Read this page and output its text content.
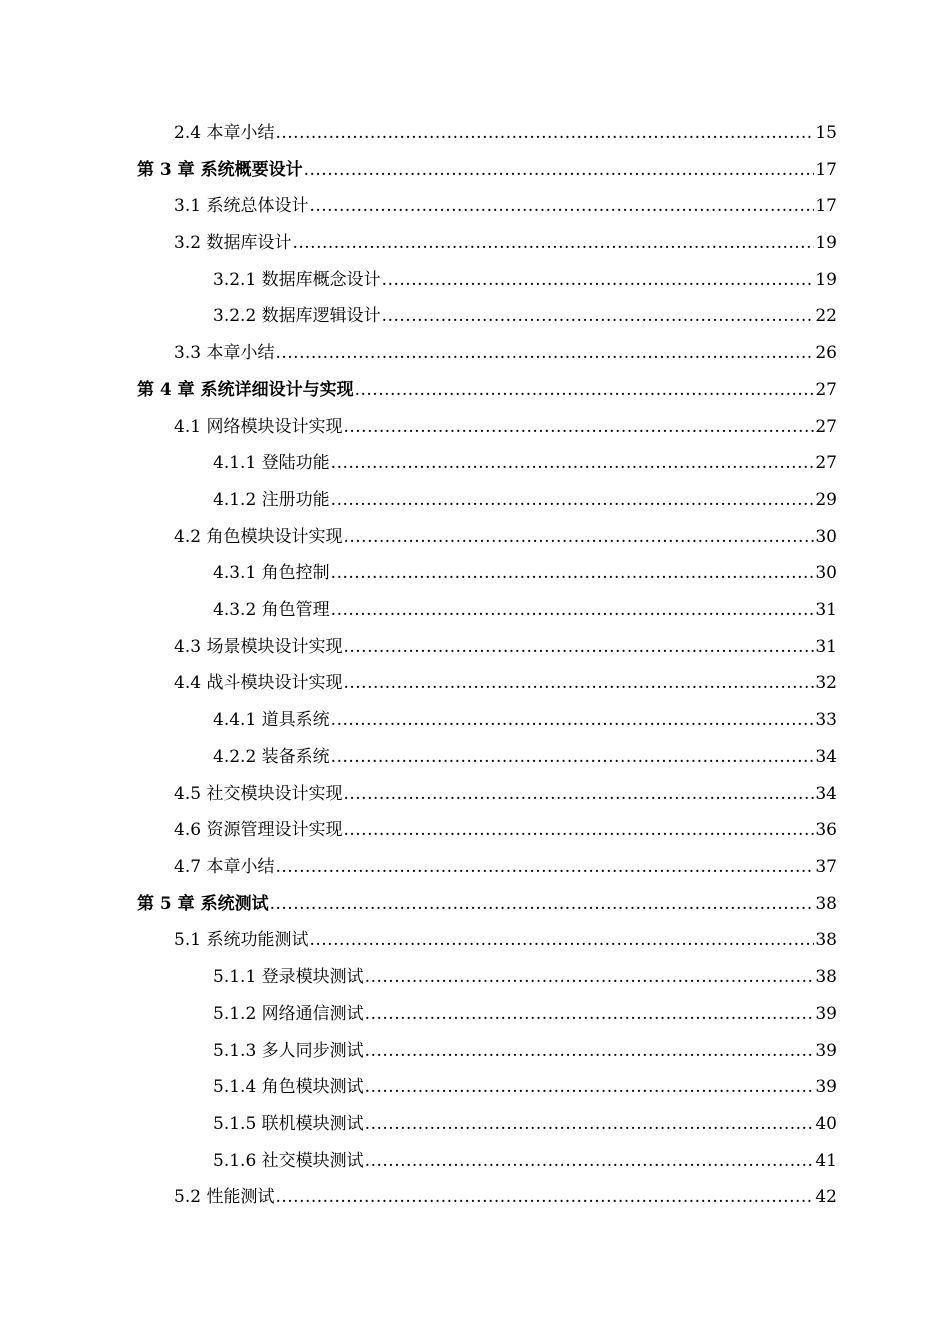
2.4 本章小结 .....	15
第 3 章 系统概要设计 .....	17
3.1 系统总体设计 .....	17
3.2 数据库设计 .....	19
3.2.1 数据库概念设计 .....	19
3.2.2 数据库逻辑设计 .....	22
3.3 本章小结 .....	26
第 4 章 系统详细设计与实现 .....	27
4.1 网络模块设计实现 .....	27
4.1.1 登陆功能 .....	27
4.1.2 注册功能 .....	29
4.2 角色模块设计实现 .....	30
4.3.1 角色控制 .....	30
4.3.2 角色管理 .....	31
4.3 场景模块设计实现 .....	31
4.4 战斗模块设计实现 .....	32
4.4.1 道具系统 .....	33
4.2.2 装备系统 .....	34
4.5 社交模块设计实现 .....	34
4.6 资源管理设计实现 .....	36
4.7 本章小结 .....	37
第 5 章 系统测试 .....	38
5.1 系统功能测试 .....	38
5.1.1 登录模块测试 .....	38
5.1.2 网络通信测试 .....	39
5.1.3 多人同步测试 .....	39
5.1.4 角色模块测试 .....	39
5.1.5 联机模块测试 .....	40
5.1.6 社交模块测试 .....	41
5.2 性能测试 .....	42
